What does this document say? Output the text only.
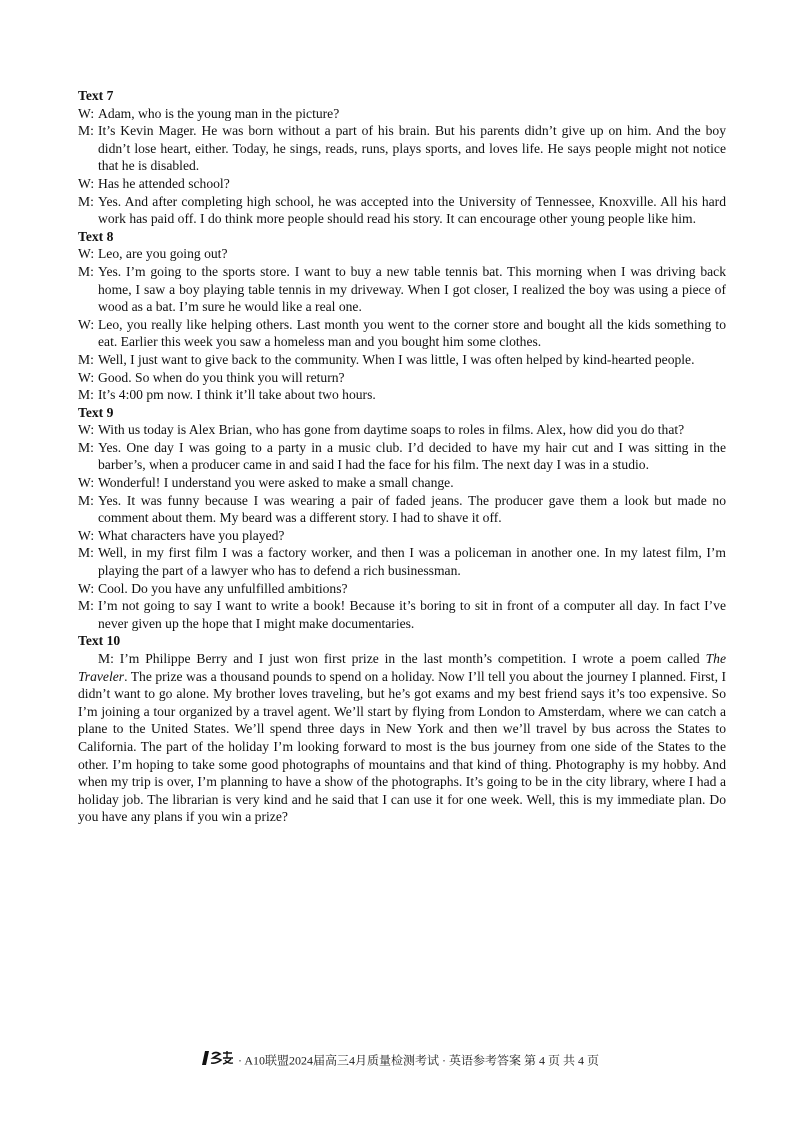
Text 7
W: Adam, who is the young man in the picture?
M: It’s Kevin Mager. He was born without a part of his brain. But his parents didn’t give up on him. And the boy didn’t lose heart, either. Today, he sings, reads, runs, plays sports, and loves life. He says people might not notice that he is disabled.
W: Has he attended school?
M: Yes. And after completing high school, he was accepted into the University of Tennessee, Knoxville. All his hard work has paid off. I do think more people should read his story. It can encourage other young people like him.
Text 8
W: Leo, are you going out?
M: Yes. I’m going to the sports store. I want to buy a new table tennis bat. This morning when I was driving back home, I saw a boy playing table tennis in my driveway. When I got closer, I realized the boy was using a piece of wood as a bat. I’m sure he would like a real one.
W: Leo, you really like helping others. Last month you went to the corner store and bought all the kids something to eat. Earlier this week you saw a homeless man and you bought him some clothes.
M: Well, I just want to give back to the community. When I was little, I was often helped by kind-hearted people.
W: Good. So when do you think you will return?
M: It’s 4:00 pm now. I think it’ll take about two hours.
Text 9
W: With us today is Alex Brian, who has gone from daytime soaps to roles in films. Alex, how did you do that?
M: Yes. One day I was going to a party in a music club. I’d decided to have my hair cut and I was sitting in the barber’s, when a producer came in and said I had the face for his film. The next day I was in a studio.
W: Wonderful! I understand you were asked to make a small change.
M: Yes. It was funny because I was wearing a pair of faded jeans. The producer gave them a look but made no comment about them. My beard was a different story. I had to shave it off.
W: What characters have you played?
M: Well, in my first film I was a factory worker, and then I was a policeman in another one. In my latest film, I’m playing the part of a lawyer who has to defend a rich businessman.
W: Cool. Do you have any unfulfilled ambitions?
M: I’m not going to say I want to write a book! Because it’s boring to sit in front of a computer all day. In fact I’ve never given up the hope that I might make documentaries.
Text 10
M: I’m Philippe Berry and I just won first prize in the last month’s competition. I wrote a poem called The Traveler. The prize was a thousand pounds to spend on a holiday. Now I’ll tell you about the journey I planned. First, I didn’t want to go alone. My brother loves traveling, but he’s got exams and my best friend says it’s too expensive. So I’m joining a tour organized by a travel agent. We’ll start by flying from London to Amsterdam, where we can catch a plane to the United States. We’ll spend three days in New York and then we’ll travel by bus across the States to California. The part of the holiday I’m looking forward to most is the bus journey from one side of the States to the other. I’m hoping to take some good photographs of mountains and that kind of thing. Photography is my hobby. And when my trip is over, I’m planning to have a show of the photographs. It’s going to be in the city library, where I had a holiday job. The librarian is very kind and he said that I can use it for one week. Well, this is my immediate plan. Do you have any plans if you win a prize?
· A10联盟2024届高三4月质量检测考试 · 英语参考答案 第 4 页 共 4 页
